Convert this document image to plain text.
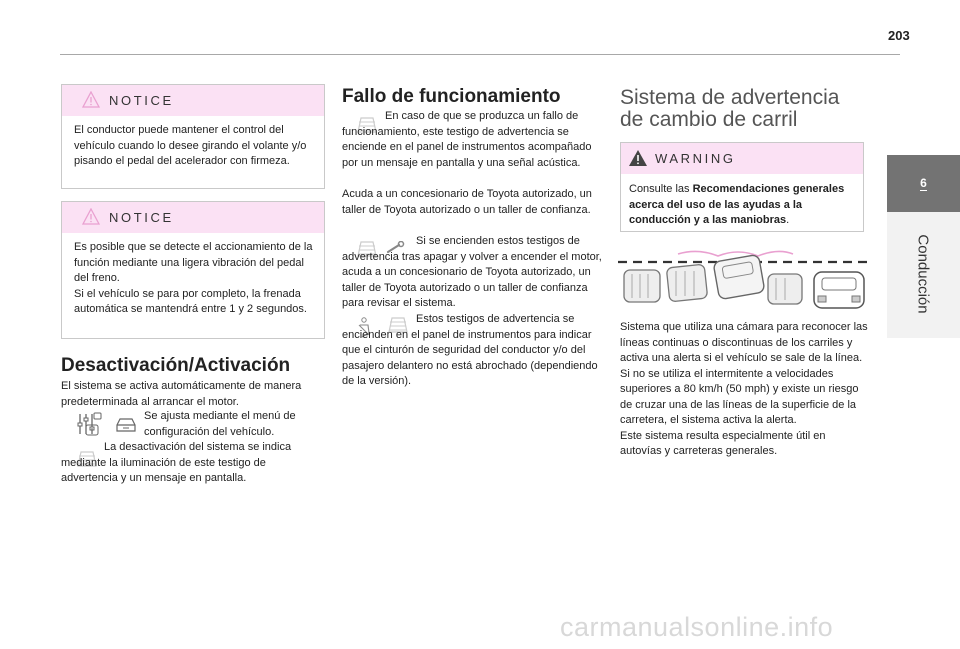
203
6
Conducción
NOTICE
El conductor puede mantener el control del vehículo cuando lo desee girando el volante y/o pisando el pedal del acelerador con firmeza.
NOTICE
Es posible que se detecte el accionamiento de la función mediante una ligera vibración del pedal del freno.
Si el vehículo se para por completo, la frenada automática se mantendrá entre 1 y 2 segundos.
Desactivación/Activación
El sistema se activa automáticamente de manera predeterminada al arrancar el motor.
Se ajusta mediante el menú de configuración del vehículo.
La desactivación del sistema se indica mediante la iluminación de este testigo de advertencia y un mensaje en pantalla.
Fallo de funcionamiento
En caso de que se produzca un fallo de funcionamiento, este testigo de advertencia se enciende en el panel de instrumentos acompañado por un mensaje en pantalla y una señal acústica.
Acuda a un concesionario de Toyota autorizado, un taller de Toyota autorizado o un taller de confianza.
Si se encienden estos testigos de advertencia tras apagar y volver a encender el motor, acuda a un concesionario de Toyota autorizado, un taller de Toyota autorizado o un taller de confianza para revisar el sistema.
Estos testigos de advertencia se encienden en el panel de instrumentos para indicar que el cinturón de seguridad del conductor y/o del pasajero delantero no está abrochado (dependiendo de la versión).
Sistema de advertencia
de cambio de carril
WARNING
Consulte las Recomendaciones generales acerca del uso de las ayudas a la conducción y a las maniobras.
Sistema que utiliza una cámara para reconocer las líneas continuas o discontinuas de los carriles y activa una alerta si el vehículo se sale de la línea.
Si no se utiliza el intermitente a velocidades superiores a 80 km/h (50 mph) y existe un riesgo de cruzar una de las líneas de la superficie de la carretera, el sistema activa la alerta.
Este sistema resulta especialmente útil en autovías y carreteras generales.
carmanualsonline.info
